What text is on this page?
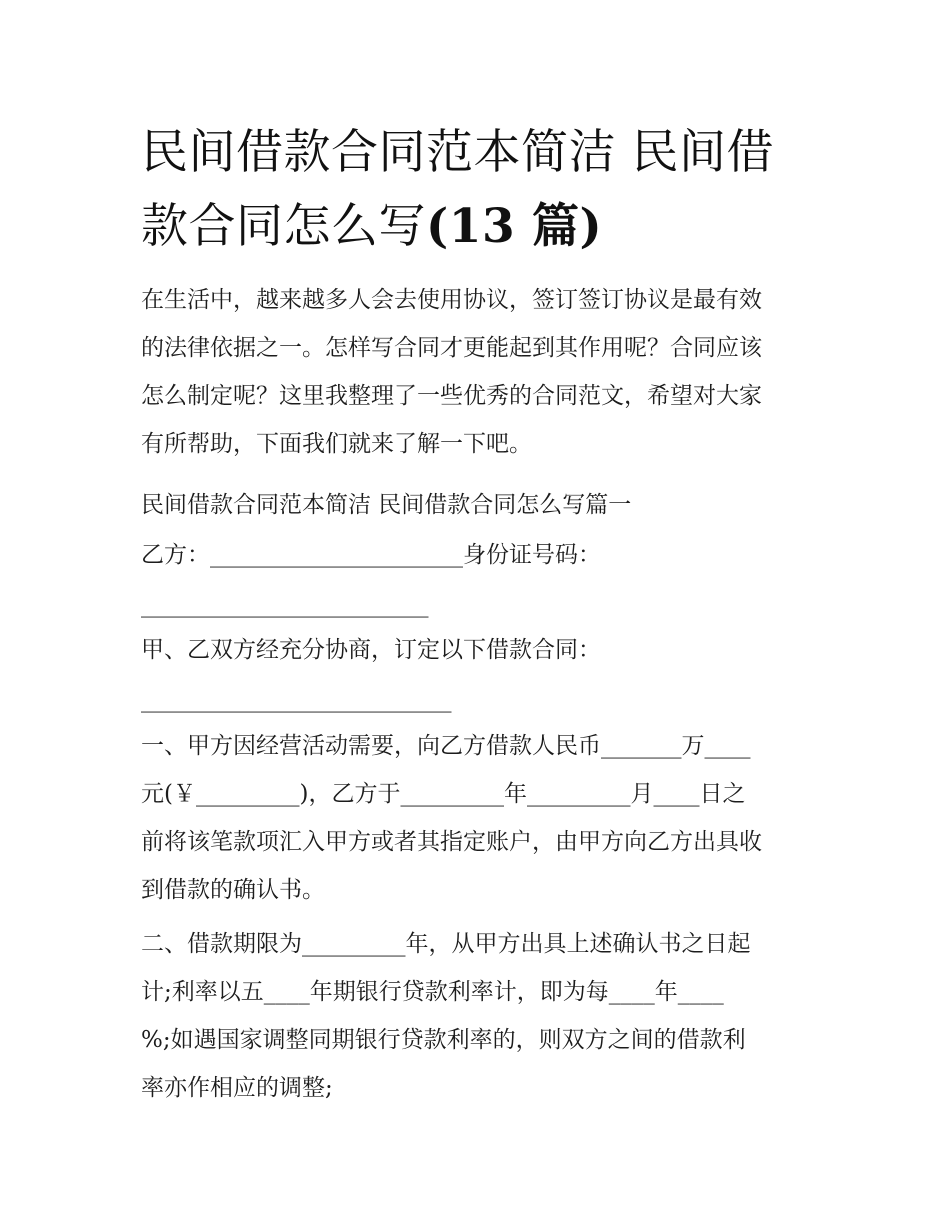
民间借款合同范本简洁 民间借
款合同怎么写(13 篇)
在生活中，越来越多人会去使用协议，签订签订协议是最有效
的法律依据之一。怎样写合同才更能起到其作用呢？合同应该
怎么制定呢？这里我整理了一些优秀的合同范文，希望对大家
有所帮助，下面我们就来了解一下吧。
民间借款合同范本简洁 民间借款合同怎么写篇一
乙方：______________________身份证号码：
_________________________
甲、乙双方经充分协商，订定以下借款合同：
___________________________
一、甲方因经营活动需要，向乙方借款人民币_______万____
元(￥_________)，乙方于_________年_________月____日之
前将该笔款项汇入甲方或者其指定账户，由甲方向乙方出具收
到借款的确认书。
二、借款期限为_________年，从甲方出具上述确认书之日起
计;利率以五____年期银行贷款利率计，即为每____年____
%;如遇国家调整同期银行贷款利率的，则双方之间的借款利
率亦作相应的调整;
